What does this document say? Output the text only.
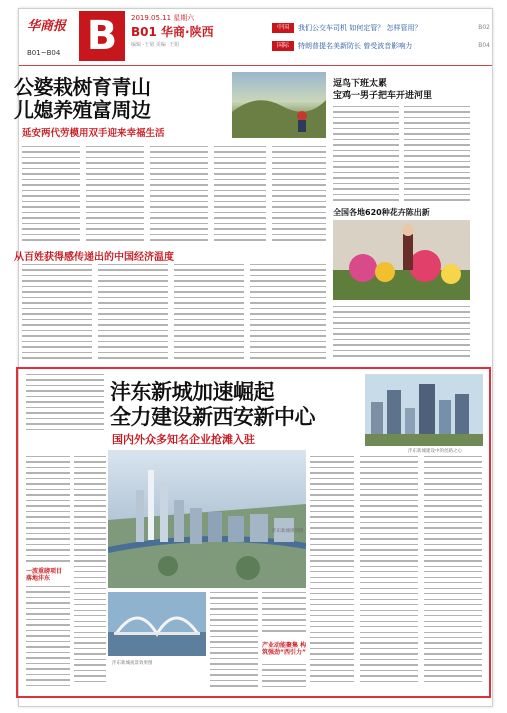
华商报
B01~B04 B	2019.05.11 星期六
B01 华商·陕西
编辑 ·王菊 美编 ·王娟
中国	我们公交车司机 如何定管？ 怎样管用？	B02
国际	特朗普提名美新防长 曾受波音影响力	B04
公婆栽树育青山
儿媳养殖富周边
延安两代劳模用双手迎来幸福生活
从百姓获得感传递出的中国经济温度
逗鸟下班太累
宝鸡一男子把车开进河里
全国各地620种花卉陈出新
沣东新城加速崛起
全力建设新西安新中心
国内外众多知名企业抢滩入驻
沣东新城建设中的丝路之心
一波重磅项目 落地沣东
沣东新城规划图
沣东新城夜景效果图
产业动能聚集 构筑强劲“西引力”
